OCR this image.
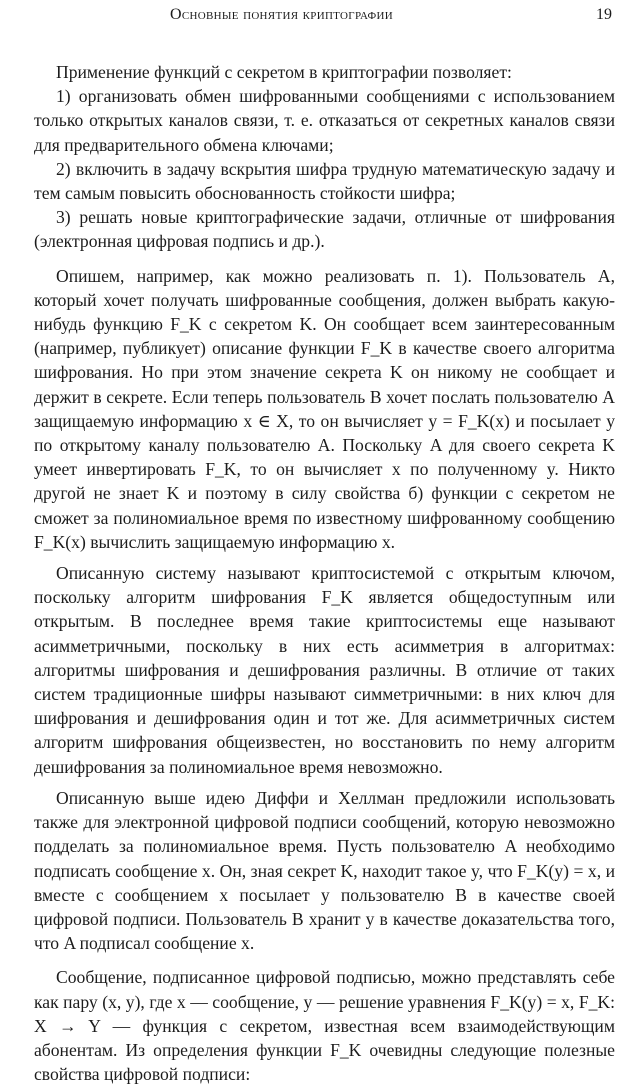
Основные понятия криптографии	19

Применение функций с секретом в криптографии позволяет:

1) организовать обмен шифрованными сообщениями с использованием только открытых каналов связи, т. е. отказаться от секретных каналов связи для предварительного обмена ключами;

2) включить в задачу вскрытия шифра трудную математическую задачу и тем самым повысить обоснованность стойкости шифра;

3) решать новые криптографические задачи, отличные от шифрования (электронная цифровая подпись и др.).

Опишем, например, как можно реализовать п. 1). Пользователь A, который хочет получать шифрованные сообщения, должен выбрать какую-нибудь функцию F_K с секретом K. Он сообщает всем заинтересованным (например, публикует) описание функции F_K в качестве своего алгоритма шифрования. Но при этом значение секрета K он никому не сообщает и держит в секрете. Если теперь пользователь B хочет послать пользователю A защищаемую информацию x ∈ X, то он вычисляет y = F_K(x) и посылает y по открытому каналу пользователю A. Поскольку A для своего секрета K умеет инвертировать F_K, то он вычисляет x по полученному y. Никто другой не знает K и поэтому в силу свойства б) функции с секретом не сможет за полиномиальное время по известному шифрованному сообщению F_K(x) вычислить защищаемую информацию x.

Описанную систему называют криптосистемой с открытым ключом, поскольку алгоритм шифрования F_K является общедоступным или открытым. В последнее время такие криптосистемы еще называют асимметричными, поскольку в них есть асимметрия в алгоритмах: алгоритмы шифрования и дешифрования различны. В отличие от таких систем традиционные шифры называют симметричными: в них ключ для шифрования и дешифрования один и тот же. Для асимметричных систем алгоритм шифрования общеизвестен, но восстановить по нему алгоритм дешифрования за полиномиальное время невозможно.

Описанную выше идею Диффи и Хеллман предложили использовать также для электронной цифровой подписи сообщений, которую невозможно подделать за полиномиальное время. Пусть пользователю A необходимо подписать сообщение x. Он, зная секрет K, находит такое y, что F_K(y) = x, и вместе с сообщением x посылает y пользователю B в качестве своей цифровой подписи. Пользователь B хранит y в качестве доказательства того, что A подписал сообщение x.

Сообщение, подписанное цифровой подписью, можно представлять себе как пару (x, y), где x — сообщение, y — решение уравнения F_K(y) = x, F_K: X → Y — функция с секретом, известная всем взаимодействующим абонентам. Из определения функции F_K очевидны следующие полезные свойства цифровой подписи:
